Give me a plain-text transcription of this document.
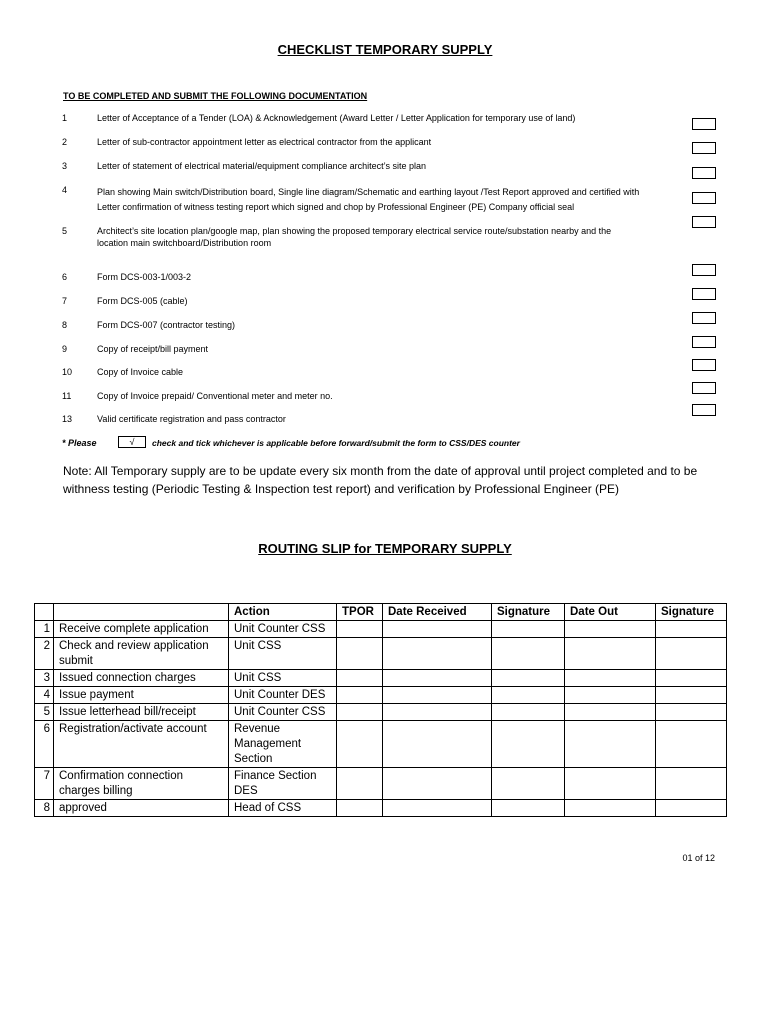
CHECKLIST TEMPORARY SUPPLY
TO BE COMPLETED AND SUBMIT THE FOLLOWING DOCUMENTATION
1	Letter of Acceptance of a Tender (LOA) & Acknowledgement (Award Letter / Letter Application for temporary use of land)
2	Letter of sub-contractor appointment letter as electrical contractor from the applicant
3	Letter of statement of electrical material/equipment compliance architect’s site plan
4	Plan showing Main switch/Distribution board, Single line diagram/Schematic and earthing layout /Test Report approved and certified with
Letter confirmation of witness testing report which signed and chop by Professional Engineer (PE) Company official seal
5	Architect’s site location plan/google map, plan showing the proposed temporary electrical service route/substation nearby and the
location main switchboard/Distribution room
6	Form DCS-003-1/003-2
7	Form DCS-005 (cable)
8	Form DCS-007 (contractor testing)
9	Copy of receipt/bill payment
10	Copy of Invoice cable
11	Copy of Invoice prepaid/ Conventional meter and meter no.
13	Valid certificate registration and pass contractor
* Please	√	check and tick whichever is applicable before forward/submit the form to CSS/DES counter
Note: All Temporary supply are to be update every six month from the date of approval until project completed and to be withness testing (Periodic Testing & Inspection test report) and verification by Professional Engineer (PE)
ROUTING SLIP for TEMPORARY SUPPLY
		Action	TPOR	Date Received	Signature	Date Out	Signature
1	Receive complete application	Unit Counter CSS					
2	Check and review application submit	Unit CSS					
3	Issued connection charges	Unit CSS					
4	Issue payment	Unit Counter DES					
5	Issue letterhead bill/receipt	Unit Counter CSS					
6	Registration/activate account	Revenue Management Section					
7	Confirmation connection charges billing	Finance Section DES					
8	approved	Head of CSS					
01 of 12
